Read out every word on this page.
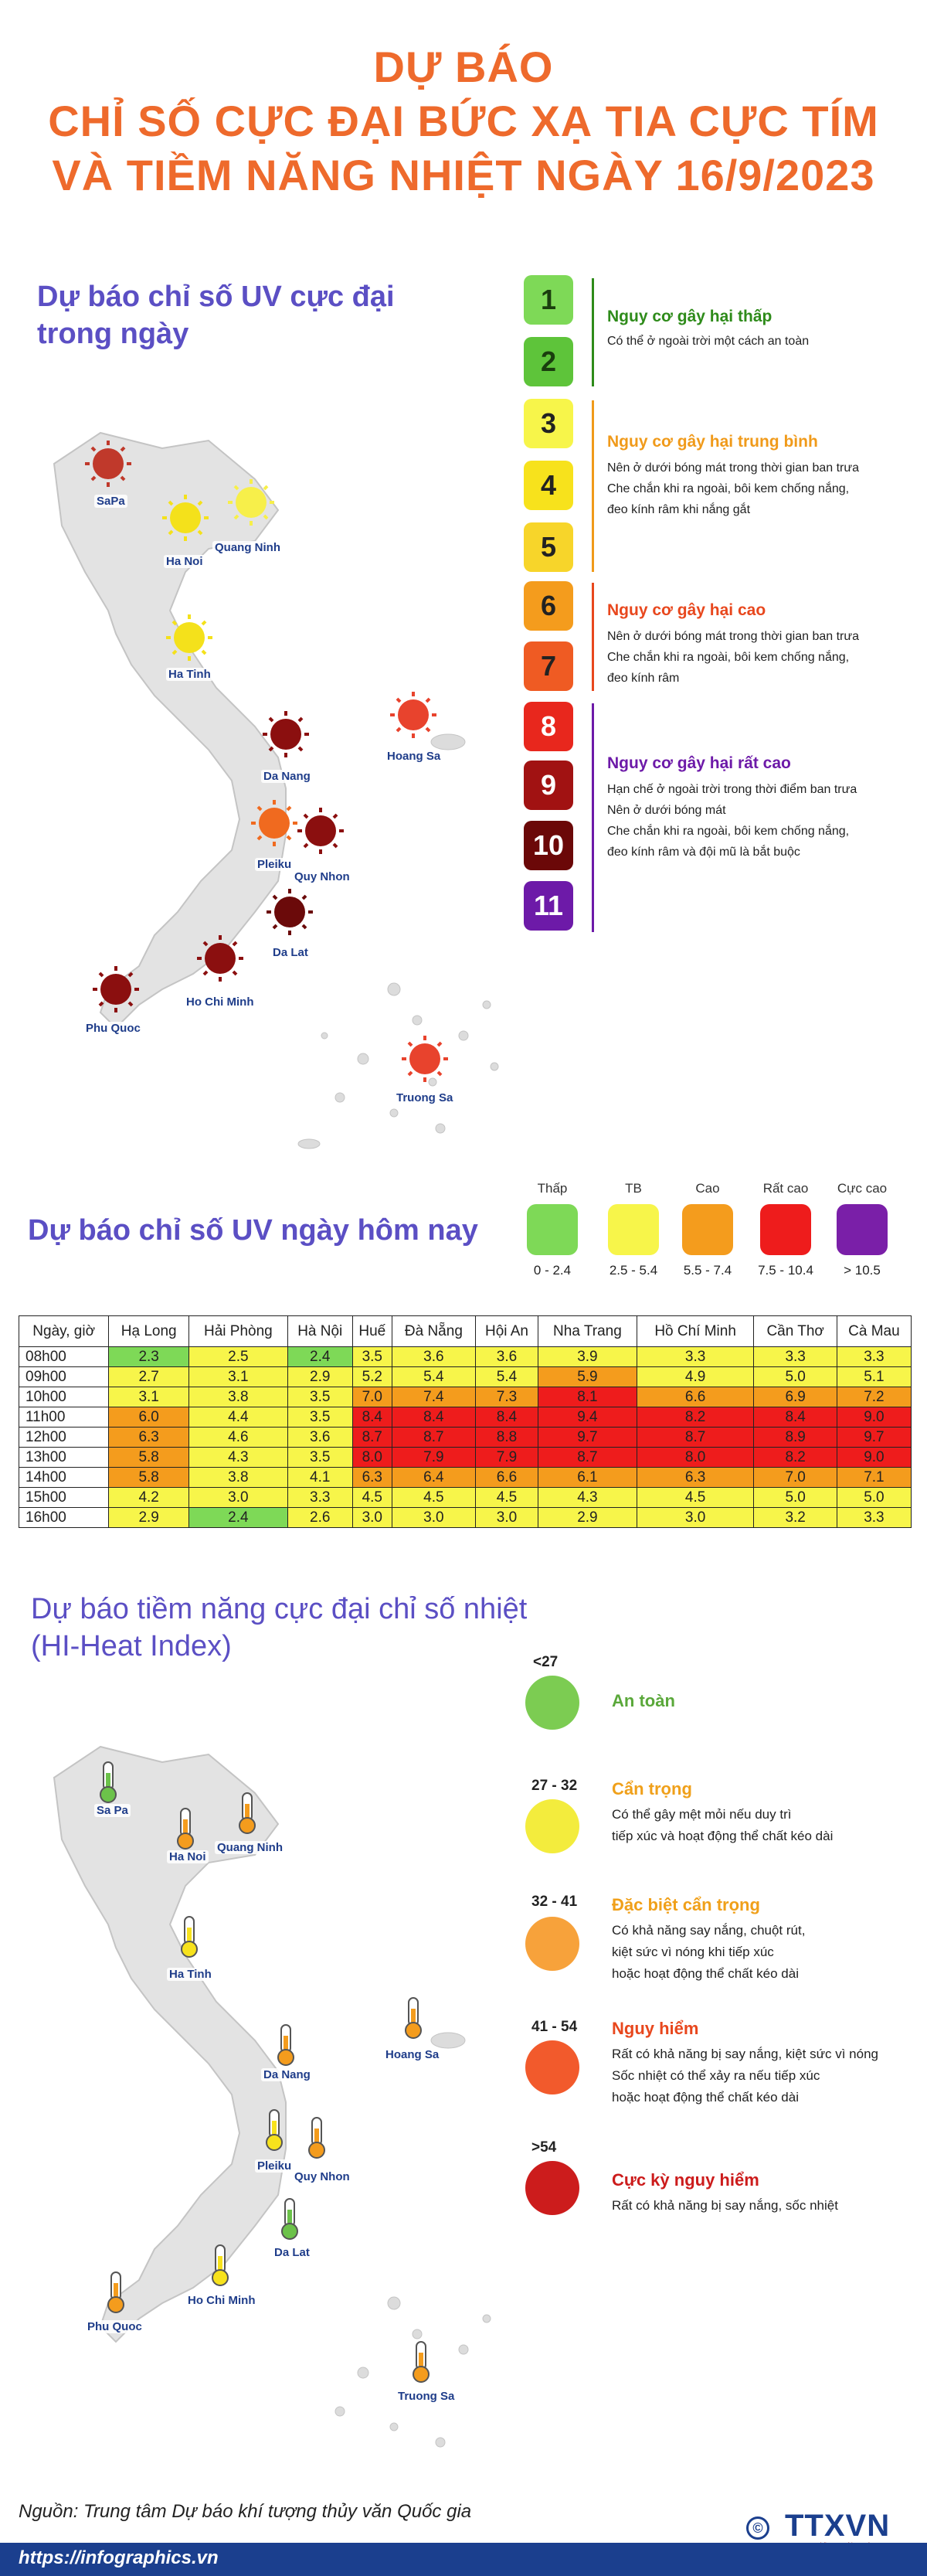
DỰ BÁO
CHỈ SỐ CỰC ĐẠI BỨC XẠ TIA CỰC TÍM
VÀ TIỀM NĂNG NHIỆT NGÀY 16/9/2023
Dự báo chỉ số UV cực đại
trong ngày
SaPa
Ha Noi
Quang Ninh
Ha Tinh
Da Nang
Hoang Sa
Pleiku
Quy Nhon
Da Lat
Ho Chi Minh
Phu Quoc
Truong Sa
1
2
3
4
5
6
7
8
9
10
11
Nguy cơ gây hại thấp
Có thể ở ngoài trời một cách an toàn
Nguy cơ gây hại trung bình
Nên ở dưới bóng mát trong thời gian ban trưa
Che chắn khi ra ngoài, bôi kem chống nắng,
đeo kính râm khi nắng gắt
Nguy cơ gây hại cao
Nên ở dưới bóng mát trong thời gian ban trưa
Che chắn khi ra ngoài, bôi kem chống nắng,
đeo kính râm
Nguy cơ gây hại rất cao
Hạn chế ở ngoài trời trong thời điểm ban trưa
Nên ở dưới bóng mát
Che chắn khi ra ngoài, bôi kem chống nắng,
đeo kính râm và đội mũ là bắt buộc
Dự báo chỉ số UV ngày hôm nay
Thấp
0 - 2.4
TB
2.5 - 5.4
Cao
5.5 - 7.4
Rất cao
7.5 - 10.4
Cực cao
> 10.5
Ngày, giờ	Hạ Long	Hải Phòng	Hà Nội	Huế	Đà Nẵng	Hội An	Nha Trang	Hồ Chí Minh	Cần Thơ	Cà Mau
08h00	2.3	2.5	2.4	3.5	3.6	3.6	3.9	3.3	3.3	3.3
09h00	2.7	3.1	2.9	5.2	5.4	5.4	5.9	4.9	5.0	5.1
10h00	3.1	3.8	3.5	7.0	7.4	7.3	8.1	6.6	6.9	7.2
11h00	6.0	4.4	3.5	8.4	8.4	8.4	9.4	8.2	8.4	9.0
12h00	6.3	4.6	3.6	8.7	8.7	8.8	9.7	8.7	8.9	9.7
13h00	5.8	4.3	3.5	8.0	7.9	7.9	8.7	8.0	8.2	9.0
14h00	5.8	3.8	4.1	6.3	6.4	6.6	6.1	6.3	7.0	7.1
15h00	4.2	3.0	3.3	4.5	4.5	4.5	4.3	4.5	5.0	5.0
16h00	2.9	2.4	2.6	3.0	3.0	3.0	2.9	3.0	3.2	3.3
Dự báo tiềm năng cực đại chỉ số nhiệt
(HI-Heat Index)
Sa Pa
Ha Noi
Quang Ninh
Ha Tinh
Hoang Sa
Da Nang
Pleiku
Quy Nhon
Da Lat
Ho Chi Minh
Phu Quoc
Truong Sa
<27
An toàn
27 - 32 Cẩn trọng
Có thể gây mệt mỏi nếu duy trì
tiếp xúc và hoạt động thể chất kéo dài
32 - 41 Đặc biệt cẩn trọng
Có khả năng say nắng, chuột rút,
kiệt sức vì nóng khi tiếp xúc
hoặc hoạt động thể chất kéo dài
41 - 54 Nguy hiểm
Rất có khả năng bị say nắng, kiệt sức vì nóng
Sốc nhiệt có thể xảy ra nếu tiếp xúc
hoặc hoạt động thể chất kéo dài
>54
Cực kỳ nguy hiểm
Rất có khả năng bị say nắng, sốc nhiệt
Nguồn: Trung tâm Dự báo khí tượng thủy văn Quốc gia
© TTXVN
https://infographics.vn
